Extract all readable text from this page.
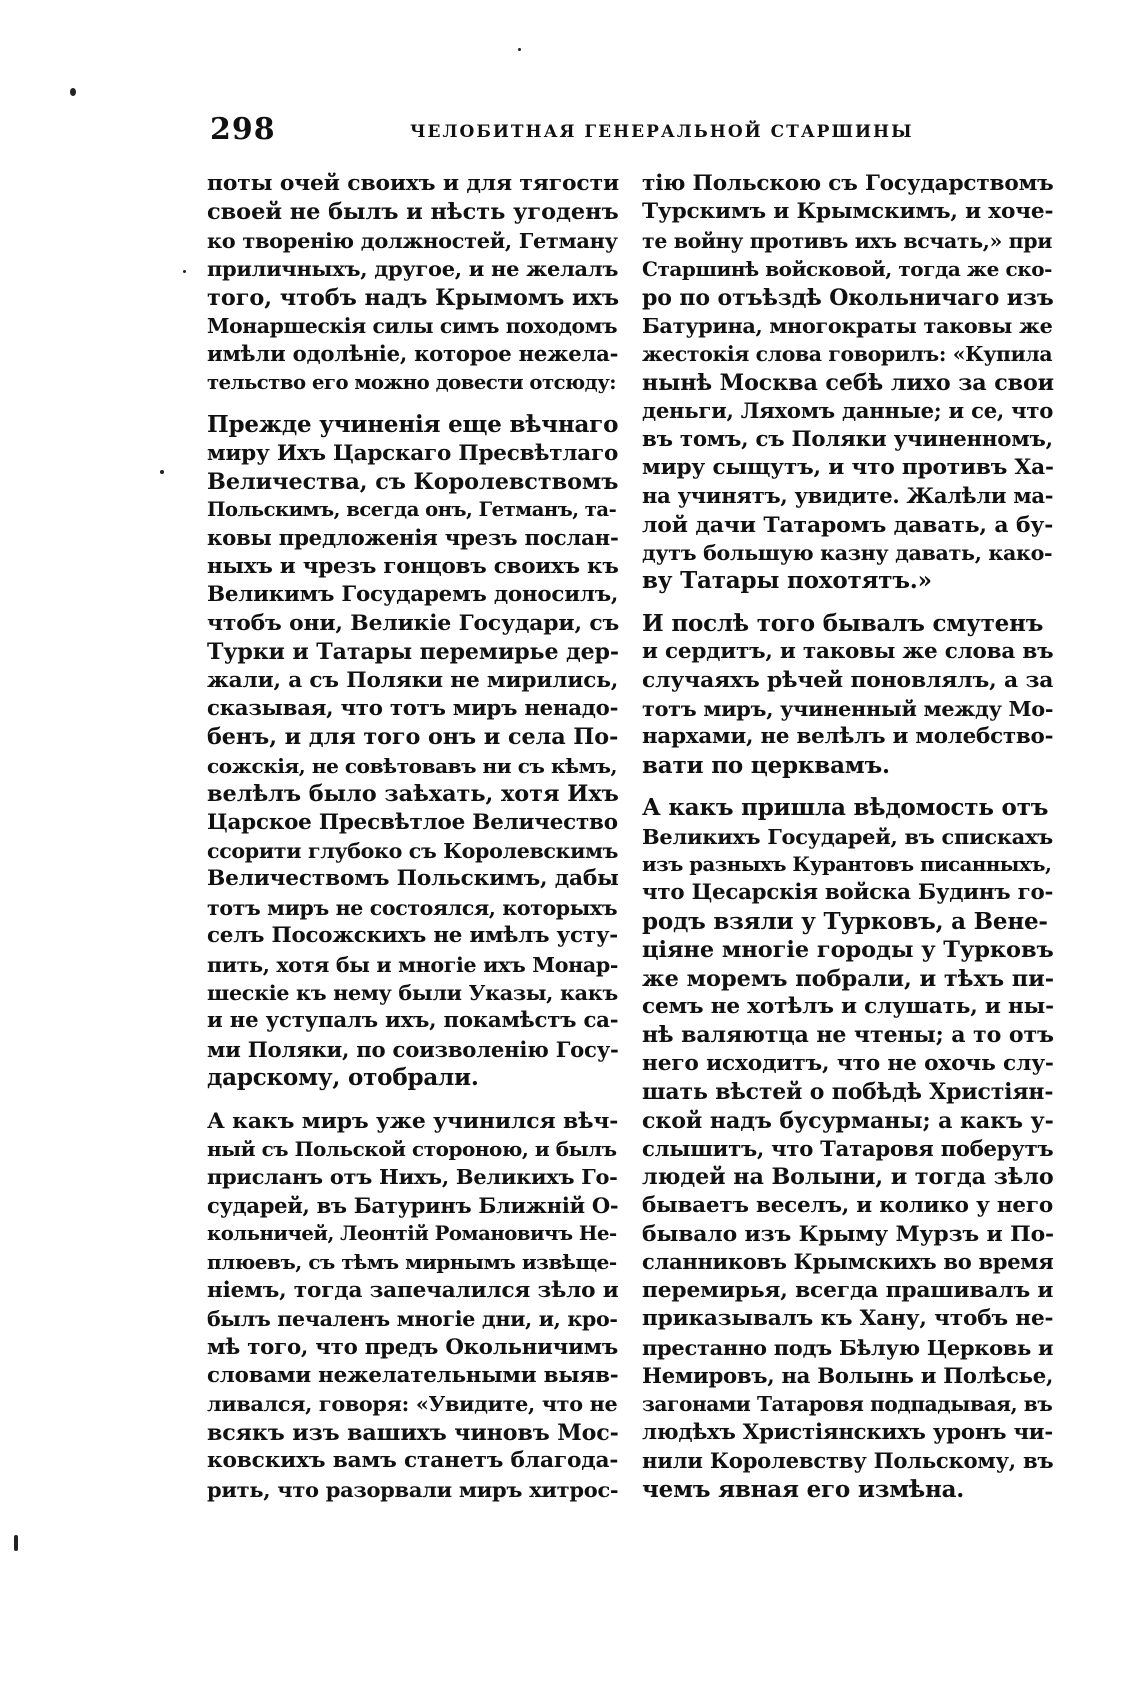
298	ЧЕЛОБИТНАЯ ГЕНЕРАЛЬНОЙ СТАРШИНЫ
поты очей своихъ и для тягости
своей не былъ и нѣсть угоденъ
ко творенію должностей, Гетману
приличныхъ, другое, и не желалъ
того, чтобъ надъ Крымомъ ихъ
Монаршескія силы симъ походомъ
имѣли одолѣніе, которое нежела-
тельство его можно довести отсюду:
Прежде учиненія еще вѣчнаго
миру Ихъ Царскаго Пресвѣтлаго
Величества, съ Королевствомъ
Польскимъ, всегда онъ, Гетманъ, та-
ковы предложенія чрезъ послан-
ныхъ и чрезъ гонцовъ своихъ къ
Великимъ Государемъ доносилъ,
чтобъ они, Великіе Государи, съ
Турки и Татары перемирье дер-
жали, а съ Поляки не мирились,
сказывая, что тотъ миръ ненадо-
бенъ, и для того онъ и села По-
сожскія, не совѣтовавъ ни съ кѣмъ,
велѣлъ было заѣхать, хотя Ихъ
Царское Пресвѣтлое Величество
ссорити глубоко съ Королевскимъ
Величествомъ Польскимъ, дабы
тотъ миръ не состоялся, которыхъ
селъ Посожскихъ не имѣлъ усту-
пить, хотя бы и многіе ихъ Монар-
шескіе къ нему были Указы, какъ
и не уступалъ ихъ, покамѣстъ са-
ми Поляки, по соизволенію Госу-
дарскому, отобрали.
А какъ миръ уже учинился вѣч-
ный съ Польской стороною, и былъ
присланъ отъ Нихъ, Великихъ Го-
сударей, въ Батуринъ Ближній О-
кольничей, Леонтій Романовичъ Не-
плюевъ, съ тѣмъ мирнымъ извѣще-
ніемъ, тогда запечалился зѣло и
былъ печаленъ многіе дни, и, кро-
мѣ того, что предъ Окольничимъ
словами нежелательными выяв-
ливался, говоря: «Увидите, что не
всякъ изъ вашихъ чиновъ Мос-
ковскихъ вамъ станетъ благода-
рить, что разорвали миръ хитрос-
тію Польскою съ Государствомъ
Турскимъ и Крымскимъ, и хоче-
те войну противъ ихъ всчать,» при
Старшинѣ войсковой, тогда же ско-
ро по отъѣздѣ Окольничаго изъ
Батурина, многократы таковы же
жестокія слова говорилъ: «Купила
нынѣ Москва себѣ лихо за свои
деньги, Ляхомъ данные; и се, что
въ томъ, съ Поляки учиненномъ,
миру сыщутъ, и что противъ Ха-
на учинятъ, увидите. Жалѣли ма-
лой дачи Татаромъ давать, а бу-
дутъ большую казну давать, како-
ву Татары похотятъ.»
И послѣ того бывалъ смутенъ
и сердитъ, и таковы же слова въ
случаяхъ рѣчей поновлялъ, а за
тотъ миръ, учиненный между Мо-
нархами, не велѣлъ и молебство-
вати по церквамъ.
А какъ пришла вѣдомость отъ
Великихъ Государей, въ спискахъ
изъ разныхъ Курантовъ писанныхъ,
что Цесарскія войска Будинъ го-
родъ взяли у Турковъ, а Вене-
ціяне многіе городы у Турковъ
же моремъ побрали, и тѣхъ пи-
семъ не хотѣлъ и слушать, и ны-
нѣ валяютца не чтены; а то отъ
него исходитъ, что не охочь слу-
шать вѣстей о побѣдѣ Христіян-
ской надъ бусурманы; а какъ у-
слышитъ, что Татаровя поберутъ
людей на Волыни, и тогда зѣло
бываетъ веселъ, и колико у него
бывало изъ Крыму Мурзъ и По-
сланниковъ Крымскихъ во время
перемирья, всегда прашивалъ и
приказывалъ къ Хану, чтобъ не-
престанно подъ Бѣлую Церковь и
Немировъ, на Волынь и Полѣсье,
загонами Татаровя подпадывая, въ
людѣхъ Христіянскихъ уронъ чи-
нили Королевству Польскому, въ
чемъ явная его измѣна.
